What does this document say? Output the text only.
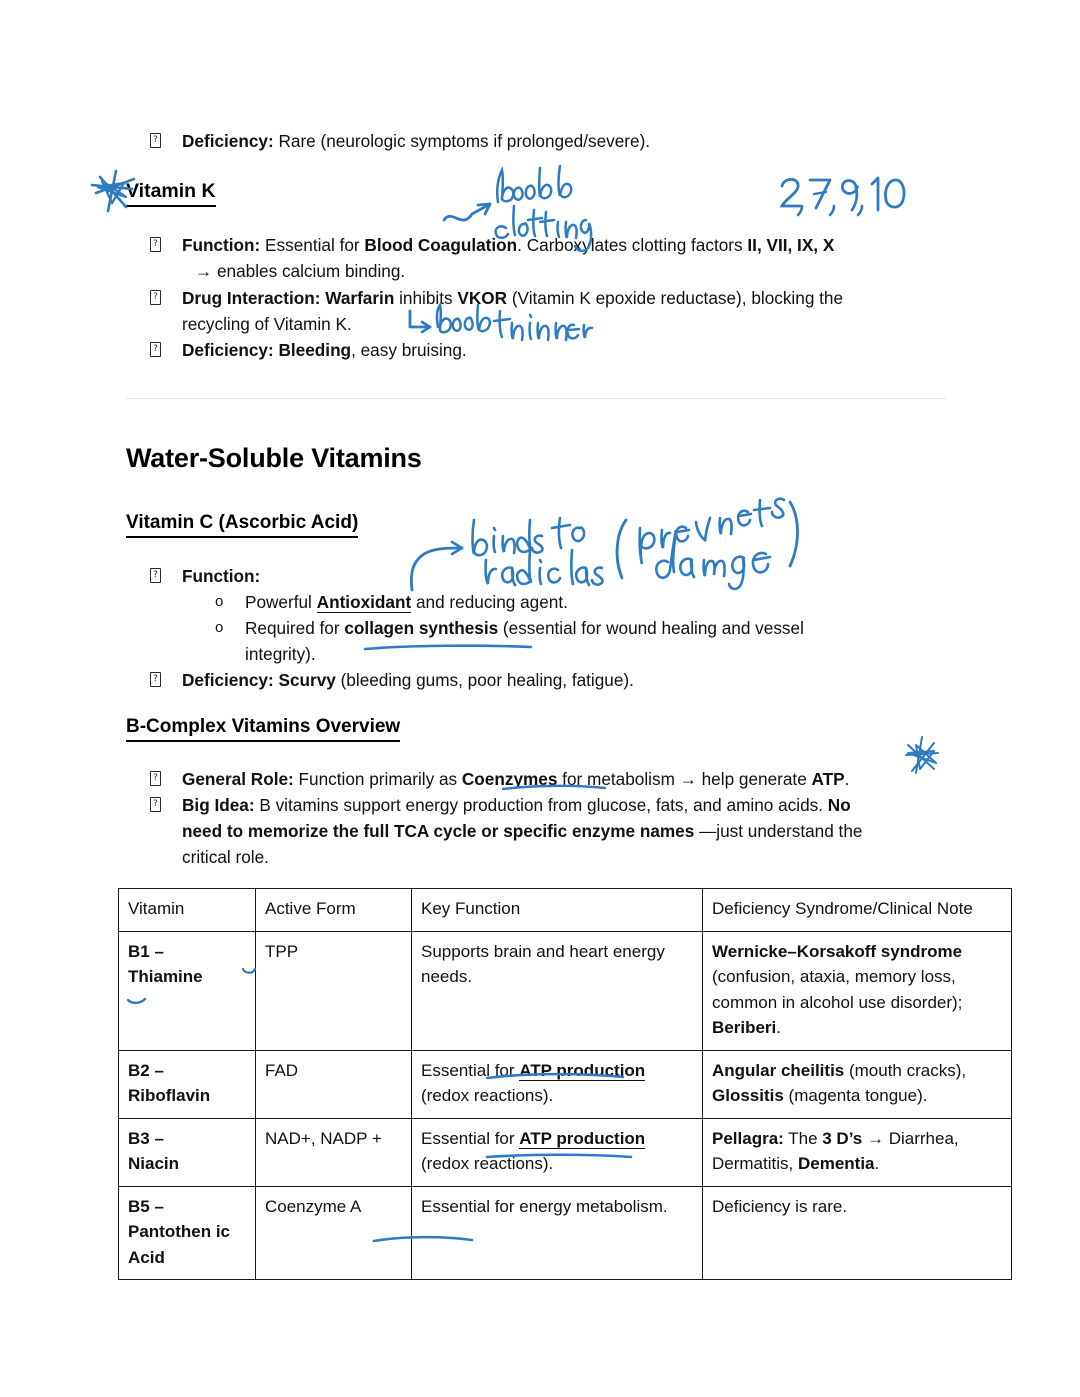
?
Deficiency: Rare (neurologic symptoms if prolonged/severe).
Vitamin K
?
Function: Essential for Blood Coagulation. Carboxylates clotting factors II, VII, IX, X
→ enables calcium binding.
?
Drug Interaction: Warfarin inhibits VKOR (Vitamin K epoxide reductase), blocking the
recycling of Vitamin K.
?
Deficiency: Bleeding, easy bruising.
Water-Soluble Vitamins
Vitamin C (Ascorbic Acid)
?
Function:
o	Powerful Antioxidant and reducing agent.
o	Required for collagen synthesis (essential for wound healing and vessel
integrity).
?
Deficiency: Scurvy (bleeding gums, poor healing, fatigue).
B-Complex Vitamins Overview
?
General Role: Function primarily as Coenzymes for metabolism → help generate ATP.
?
Big Idea: B vitamins support energy production from glucose, fats, and amino acids. No
need to memorize the full TCA cycle or specific enzyme names —just understand the
critical role.
Vitamin	Active Form	Key Function	Deficiency Syndrome/Clinical Note
B1 –
Thiamine	TPP	Supports brain and heart energy needs.	Wernicke–Korsakoff syndrome (confusion, ataxia, memory loss, common in alcohol use disorder); Beriberi.
B2 –
Riboflavin	FAD	Essential for ATP production (redox reactions).	Angular cheilitis (mouth cracks), Glossitis (magenta tongue).
B3 –
Niacin	NAD+, NADP +	Essential for ATP production (redox reactions).	Pellagra: The 3 D’s → Diarrhea, Dermatitis, Dementia.
B5 –
Pantothen ic Acid	Coenzyme A	Essential for energy metabolism.	Deficiency is rare.
